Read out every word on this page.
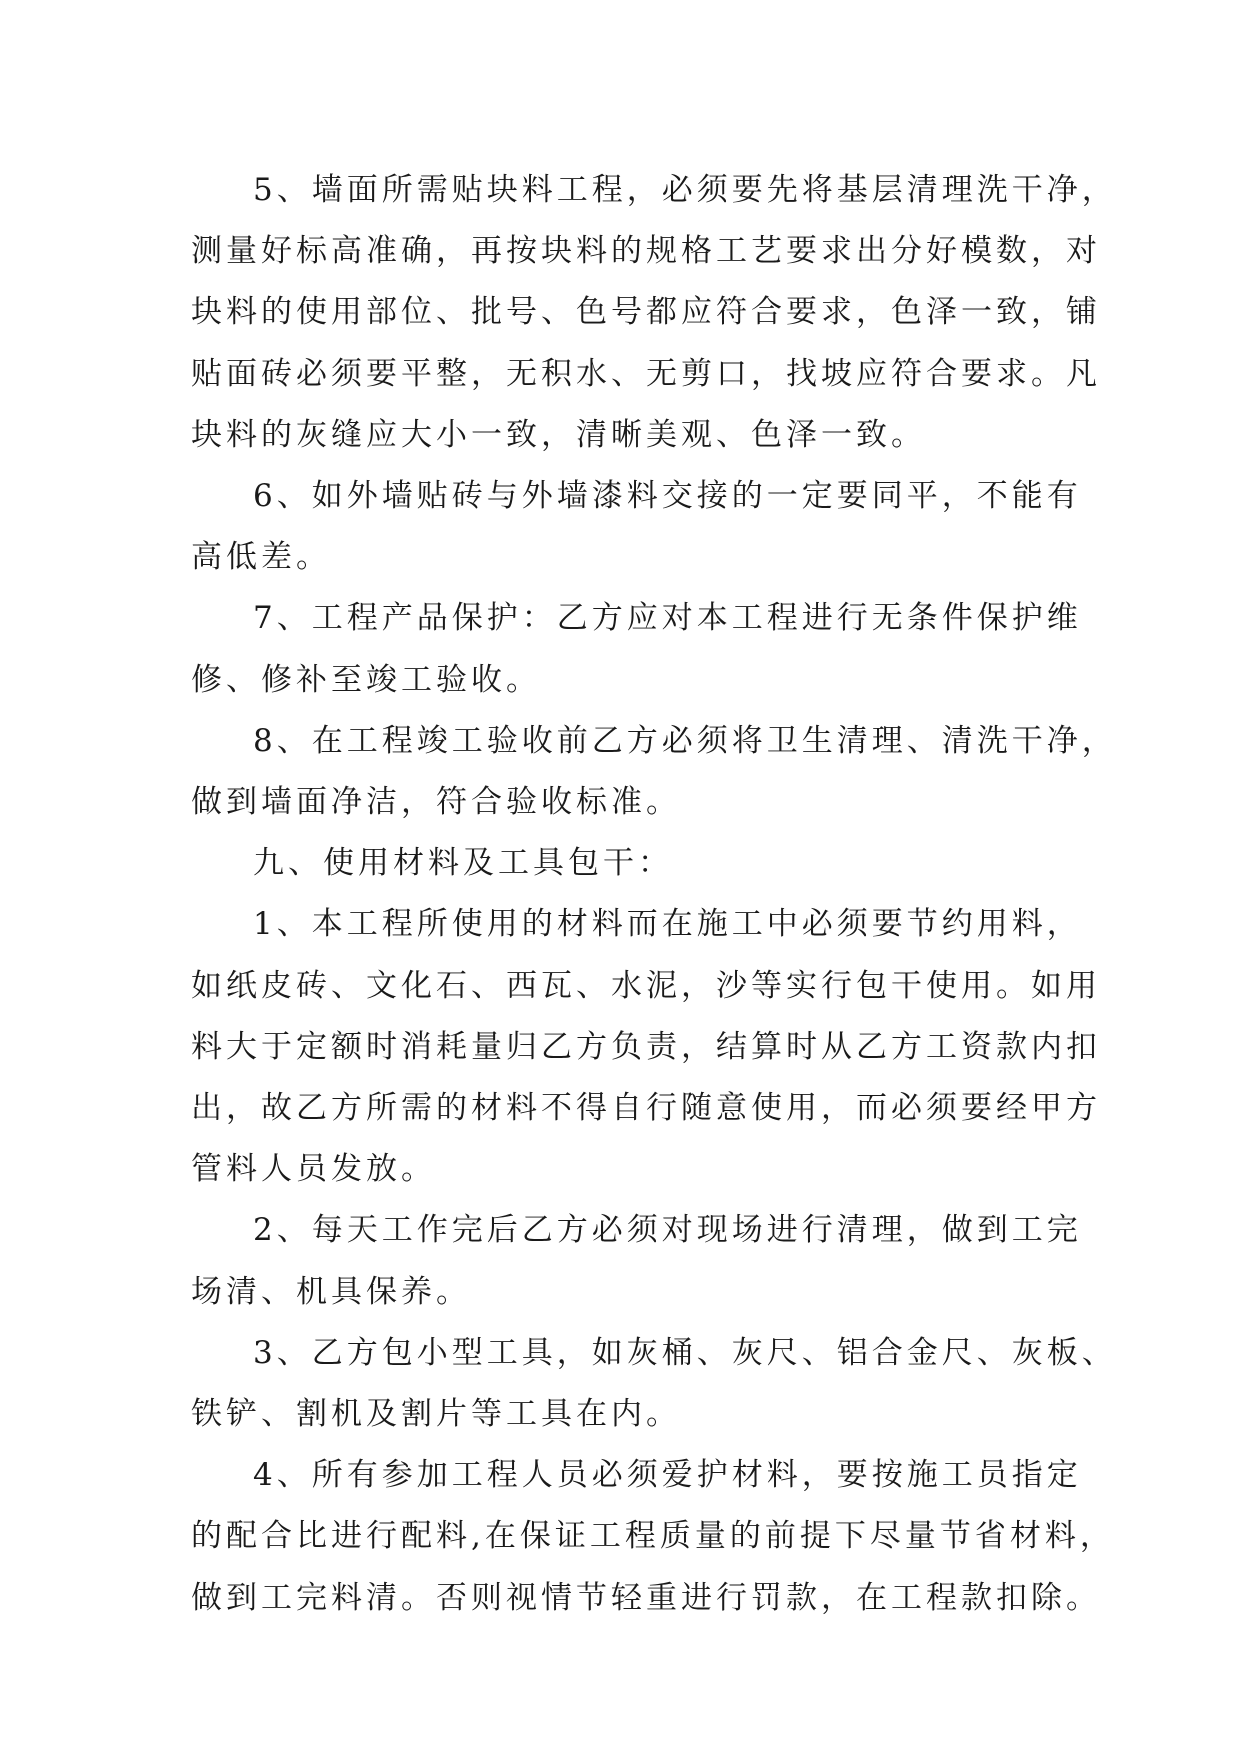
5、墙面所需贴块料工程，必须要先将基层清理洗干净，
测量好标高准确，再按块料的规格工艺要求出分好模数，对
块料的使用部位、批号、色号都应符合要求，色泽一致，铺
贴面砖必须要平整，无积水、无剪口，找坡应符合要求。凡
块料的灰缝应大小一致，清晰美观、色泽一致。
6、如外墙贴砖与外墙漆料交接的一定要同平，不能有
高低差。
7、工程产品保护：乙方应对本工程进行无条件保护维
修、修补至竣工验收。
8、在工程竣工验收前乙方必须将卫生清理、清洗干净，
做到墙面净洁，符合验收标准。
九、使用材料及工具包干：
1、本工程所使用的材料而在施工中必须要节约用料，
如纸皮砖、文化石、西瓦、水泥，沙等实行包干使用。如用
料大于定额时消耗量归乙方负责，结算时从乙方工资款内扣
出，故乙方所需的材料不得自行随意使用，而必须要经甲方
管料人员发放。
2、每天工作完后乙方必须对现场进行清理，做到工完
场清、机具保养。
3、乙方包小型工具，如灰桶、灰尺、铝合金尺、灰板、
铁铲、割机及割片等工具在内。
4、所有参加工程人员必须爱护材料，要按施工员指定
的配合比进行配料,在保证工程质量的前提下尽量节省材料，
做到工完料清。否则视情节轻重进行罚款，在工程款扣除。
